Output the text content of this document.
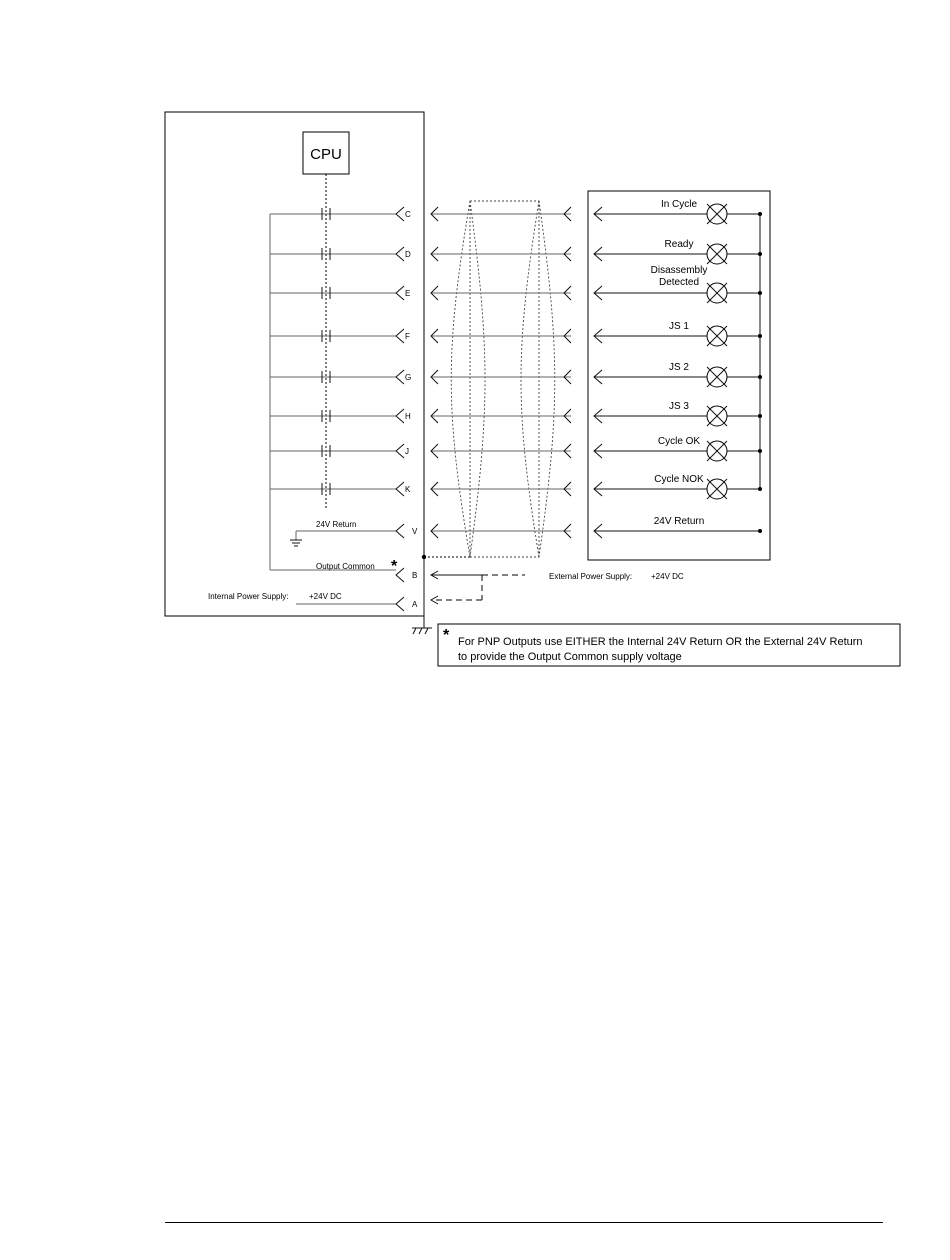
CPU
C
D
E
F
G
H
J
K
24V Return
V
Output Common *
B
Internal Power Supply:	+24V DC
A
In Cycle
Ready
Disassembly Detected
JS 1
JS 2
JS 3
Cycle OK
Cycle NOK
24V Return
External Power Supply: +24V DC
* For PNP Outputs use EITHER the Internal 24V Return OR the External 24V Return
to provide the Output Common supply voltage
